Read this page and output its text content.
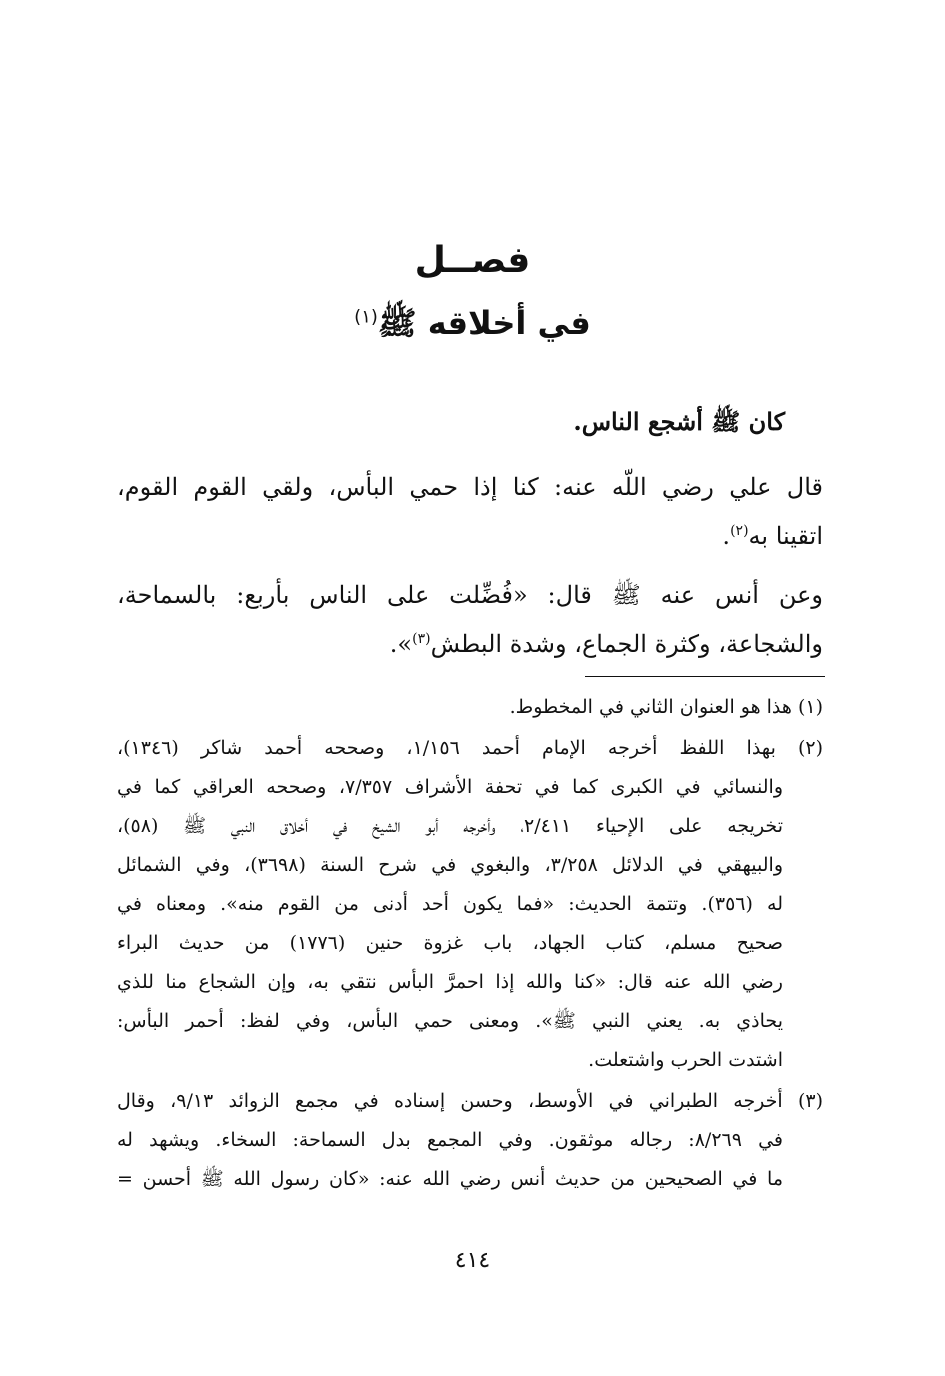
فصــل
في أخلاقه ﷺ$^{(١)}$
كان ﷺ أشجع الناس.
قال علي رضي اللّه عنه: كنا إذا حمي البأس، ولقي القوم القوم،
اتقينا به$^{(٢)}$.
وعن أنس عنه ﷺ قال: «فُضِّلت على الناس بأربع: بالسماحة،
والشجاعة، وكثرة الجماع، وشدة البطش$^{(٣)}$».
(١) هذا هو العنوان الثاني في المخطوط.
(٢) بهذا اللفظ أخرجه الإمام أحمد ١/١٥٦، وصححه أحمد شاكر (١٣٤٦)،
والنسائي في الكبرى كما في تحفة الأشراف ٧/٣٥٧، وصححه العراقي كما في
تخريجه على الإحياء ٢/٤١١، وأخرجه أبو الشيخ في أخلاق النبي ﷺ (٥٨)،
والبيهقي في الدلائل ٣/٢٥٨، والبغوي في شرح السنة (٣٦٩٨)، وفي الشمائل
له (٣٥٦). وتتمة الحديث: «فما يكون أحد أدنى من القوم منه». ومعناه في
صحيح مسلم، كتاب الجهاد، باب غزوة حنين (١٧٧٦) من حديث البراء
رضي الله عنه قال: «كنا والله إذا احمرَّ البأس نتقي به، وإن الشجاع منا للذي
يحاذي به. يعني النبي ﷺ». ومعنى حمي البأس، وفي لفظ: أحمر البأس:
اشتدت الحرب واشتعلت.
(٣) أخرجه الطبراني في الأوسط، وحسن إسناده في مجمع الزوائد ٩/١٣، وقال
في ٨/٢٦٩: رجاله موثقون. وفي المجمع بدل السماحة: السخاء. ويشهد له
ما في الصحيحين من حديث أنس رضي الله عنه: «كان رسول الله ﷺ أحسن =
٤١٤
